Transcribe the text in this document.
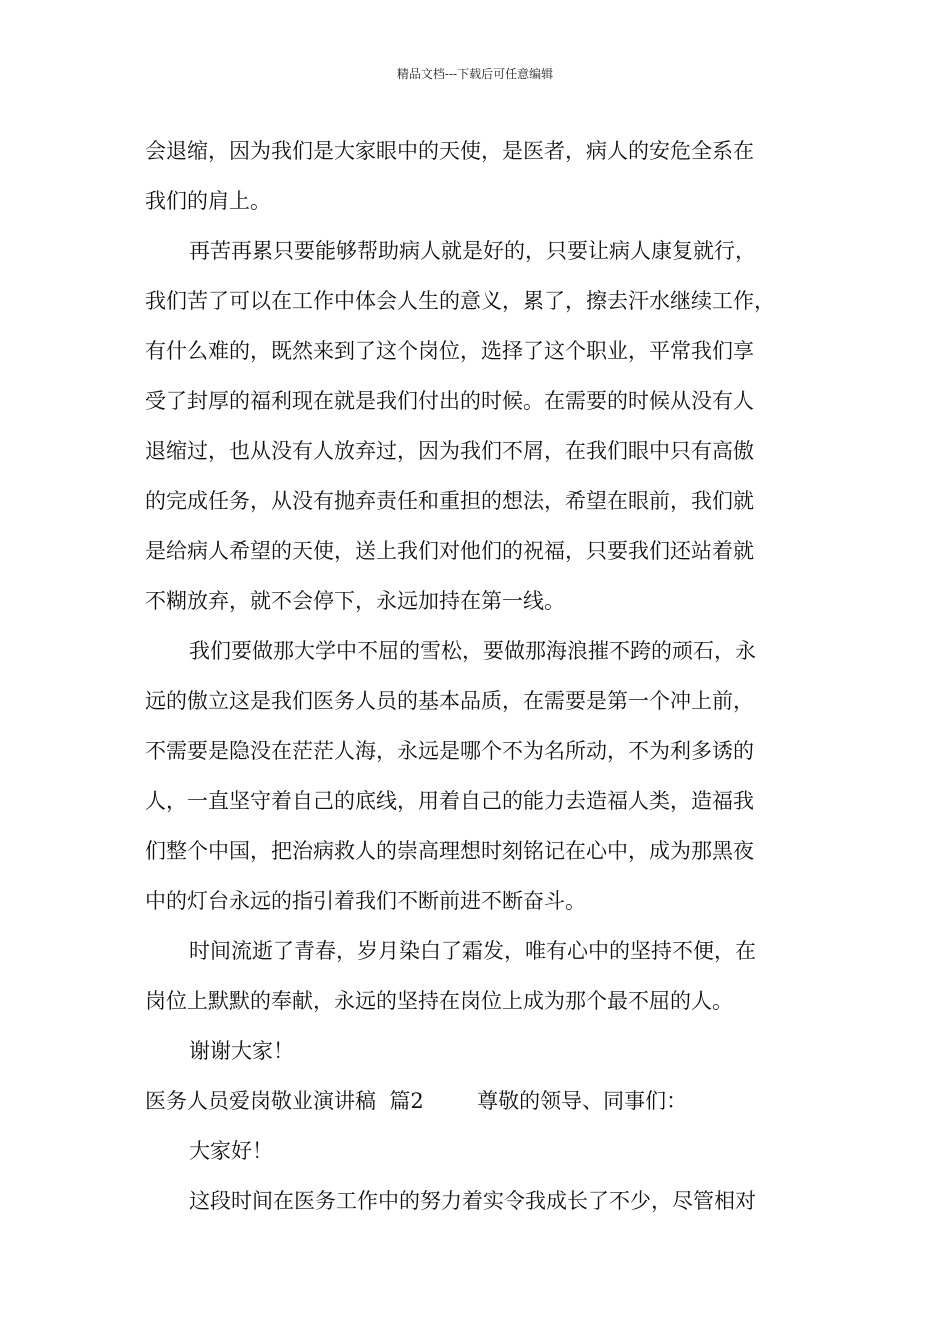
精品文档---下载后可任意编辑
会退缩，因为我们是大家眼中的天使，是医者，病人的安危全系在
我们的肩上。
再苦再累只要能够帮助病人就是好的，只要让病人康复就行，
我们苦了可以在工作中体会人生的意义，累了，擦去汗水继续工作，
有什么难的，既然来到了这个岗位，选择了这个职业，平常我们享
受了封厚的福利现在就是我们付出的时候。在需要的时候从没有人
退缩过，也从没有人放弃过，因为我们不屑，在我们眼中只有高傲
的完成任务，从没有抛弃责任和重担的想法，希望在眼前，我们就
是给病人希望的天使，送上我们对他们的祝福，只要我们还站着就
不糊放弃，就不会停下，永远加持在第一线。
我们要做那大学中不屈的雪松，要做那海浪摧不跨的顽石，永
远的傲立这是我们医务人员的基本品质，在需要是第一个冲上前，
不需要是隐没在茫茫人海，永远是哪个不为名所动，不为利多诱的
人，一直坚守着自己的底线，用着自己的能力去造福人类，造福我
们整个中国，把治病救人的崇高理想时刻铭记在心中，成为那黑夜
中的灯台永远的指引着我们不断前进不断奋斗。
时间流逝了青春，岁月染白了霜发，唯有心中的坚持不便，在
岗位上默默的奉献，永远的坚持在岗位上成为那个最不屈的人。
谢谢大家！
医务人员爱岗敬业演讲稿  篇2        尊敬的领导、同事们：
大家好！
这段时间在医务工作中的努力着实令我成长了不少，尽管相对
